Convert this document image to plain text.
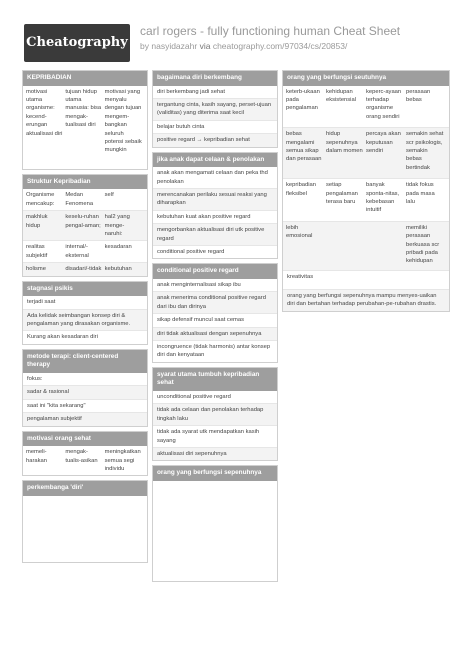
Cheatography
carl rogers - fully functioning human Cheat Sheet
by nasyidazahr via cheatography.com/97034/cs/20853/
KEPRIBADIAN
motivasi utama organisme: kecend-erungan aktualisasi diri
tujuan hidup utama manusia: bisa mengak-tualisasi diri
motivasi yang menyalu dengan tujuan mengem-bangkan seluruh potensi sebaik mungkin
Struktur Kepribadian
Organisme mencakup:
Medan Fenomena
self
makhluk hidup
keselu-ruhan pengal-aman;
hal2 yang menge-naruhi:
realitas subjektif
internal/-eksternal
kesadaran
holisme	disadari/-tidak kebutuhan
stagnasi psikis
terjadi saat
Ada kelidak seimbangan konsep diri & pengalaman yang dirasakan organisme.
Kurang akan kesadaran diri
metode terapi: client-centered therapy
fokus:
sadar & rasional
saat ini "kita sekarang"
pengalaman subjektif
motivasi orang sehat
memeli-harakan
mengak-tualis-asikan
meningkatkan semua segi individu
perkembanga 'diri'
bagaimana diri berkembang
diri berkembang jadi sehat
tergantung cinta, kasih sayang, perset-ujuan (validitas) yang diterima saat kecil
belajar butuh cinta
positive regard → kepribadian sehat
jika anak dapat celaan & penolakan
anak akan mengamati celaan dan peka thd penolakan
merencanakan perilaku sesuai reaksi yang diharapkan
kebutuhan kuat akan positive regard
mengorbankan aktualisasi diri utk positive regard
conditional positive regard
conditional positive regard
anak menginternalisasi sikap ibu
anak menerima conditional positive regard dari ibu dan dirinya
sikap defensif muncul saat cemas
diri tidak aktualisasi dengan sepenuhnya
incongruence (tidak harmonis) antar konsep diri dan kenyataan
syarat utama tumbuh kepribadian sehat
unconditional positive regard
tidak ada celaan dan penolakan terhadap tingkah laku
tidak ada syarat utk mendapatkan kasih sayang
aktualisasi diri sepenuhnya
orang yang berfungsi sepenuhnya
orang yang berfungsi seutuhnya
keterb-ukaan pada pengalaman
kehidupan eksistensial
keperc-ayaan terhadap organisme orang sendiri
perasaan bebas
bebas mengalami semua sikap dan perasaan
hidup sepenuhnya dalam momen
percaya akan keputusan sendiri
semakin sehat scr psikologis, semakin bebas bertindak
kepribadian fleksibel
setiap pengalaman terasa baru
banyak sponta-nitas, kebebasan intuitif
tidak fokus pada masa lalu
lebih emosional
memiliki perasaan berkuasa scr pribadi pada kehidupan
kreativitas
orang yang berfungsi sepenuhnya mampu menyes-uaikan diri dan bertahan terhadap perubahan-pe-rubahan drastis.
